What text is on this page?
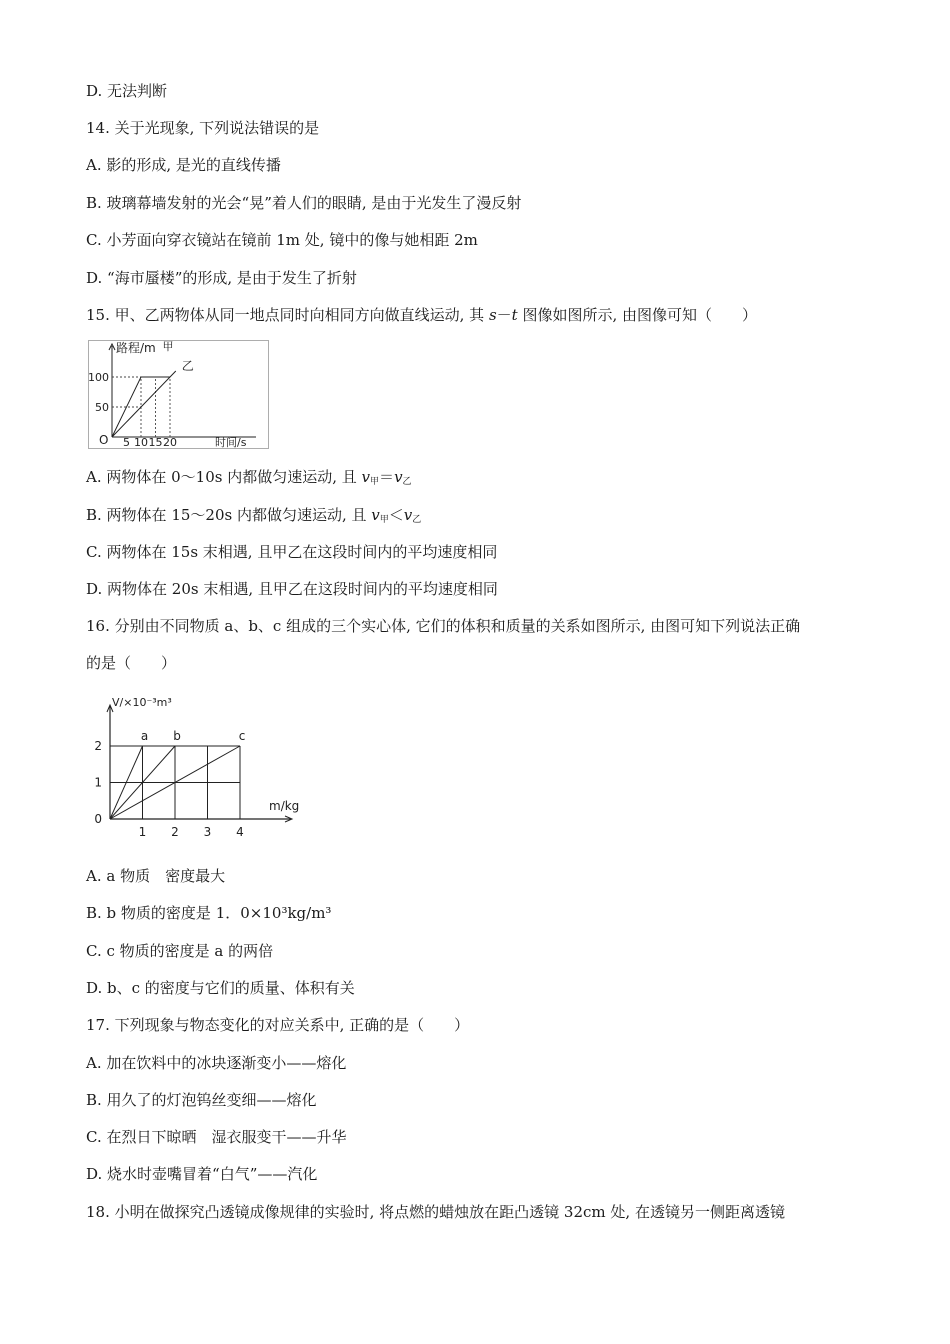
D. 无法判断

14. 关于光现象, 下列说法错误的是

A. 影的形成, 是光的直线传播

B. 玻璃幕墙发射的光会“晃”着人们的眼睛, 是由于光发生了漫反射

C. 小芳面向穿衣镜站在镜前 1m 处, 镜中的像与她相距 2m

D. “海市蜃楼”的形成, 是由于发生了折射

15. 甲、乙两物体从同一地点同时向相同方向做直线运动, 其 s－t 图像如图所示, 由图像可知（　　）

路程/m
时间/s
O 5 10 15 20
50
100
甲
乙

A. 两物体在 0～10s 内都做匀速运动, 且 $v_甲=v_乙$

B. 两物体在 15～20s 内都做匀速运动, 且 $v_甲<v_乙$

C. 两物体在 15s 末相遇, 且甲乙在这段时间内的平均速度相同

D. 两物体在 20s 末相遇, 且甲乙在这段时间内的平均速度相同

16. 分别由不同物质 a、b、c 组成的三个实心体, 它们的体积和质量的关系如图所示, 由图可知下列说法正确

的是（　　）

V/×10⁻³m³
m/kg
1 2 3 4
0
1
2
a b	c

A. a 物质　密度最大

B. b 物质的密度是 1．0×10³kg/m³

C. c 物质的密度是 a 的两倍

D. b、c 的密度与它们的质量、体积有关

17. 下列现象与物态变化的对应关系中, 正确的是（　　）

A. 加在饮料中的冰块逐渐变小——熔化

B. 用久了的灯泡钨丝变细——熔化

C. 在烈日下晾晒　湿衣服变干——升华

D. 烧水时壶嘴冒着“白气”——汽化

18. 小明在做探究凸透镜成像规律的实验时, 将点燃的蜡烛放在距凸透镜 32cm 处, 在透镜另一侧距离透镜
